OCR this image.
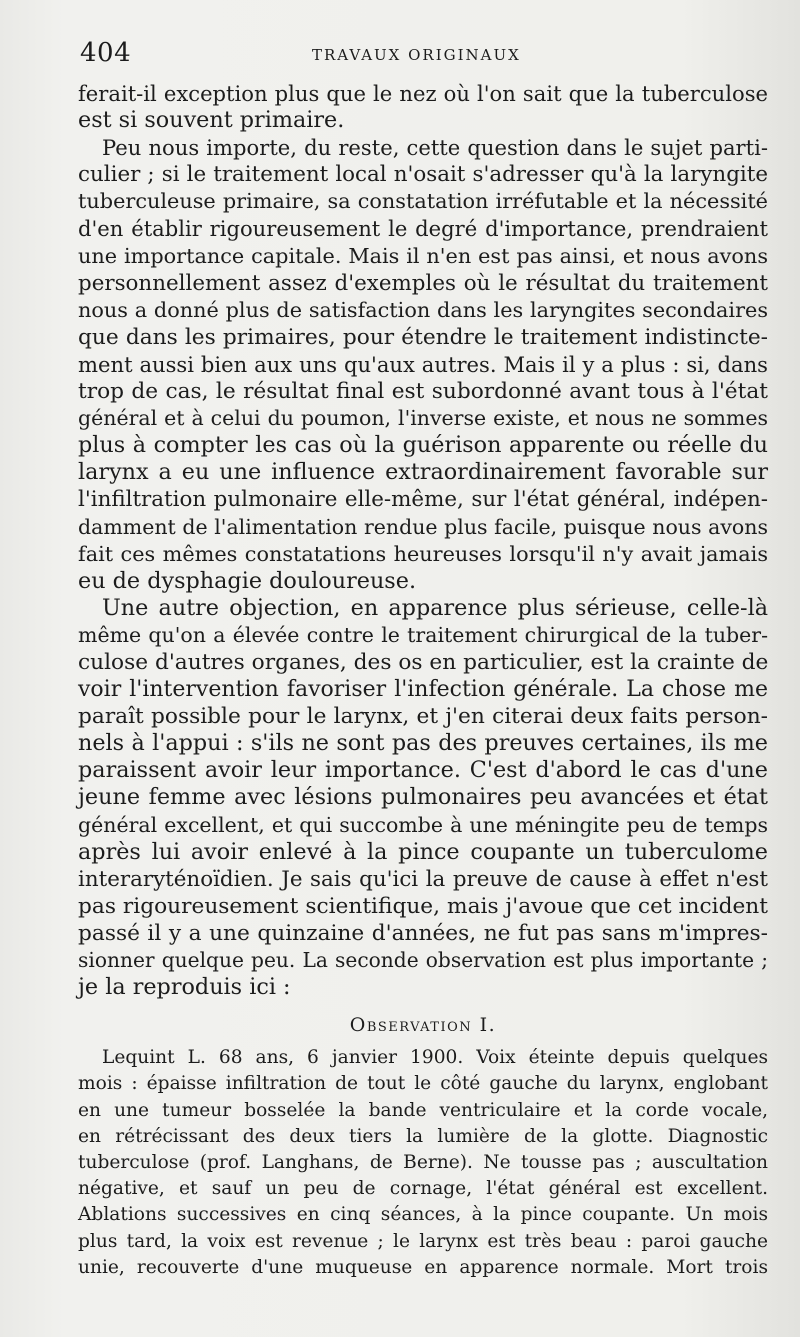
404	TRAVAUX ORIGINAUX
ferait-il exception plus que le nez où l'on sait que la tuberculose
est si souvent primaire.
Peu nous importe, du reste, cette question dans le sujet parti-
culier ; si le traitement local n'osait s'adresser qu'à la laryngite
tuberculeuse primaire, sa constatation irréfutable et la nécessité
d'en établir rigoureusement le degré d'importance, prendraient
une importance capitale. Mais il n'en est pas ainsi, et nous avons
personnellement assez d'exemples où le résultat du traitement
nous a donné plus de satisfaction dans les laryngites secondaires
que dans les primaires, pour étendre le traitement indistincte-
ment aussi bien aux uns qu'aux autres. Mais il y a plus : si, dans
trop de cas, le résultat final est subordonné avant tous à l'état
général et à celui du poumon, l'inverse existe, et nous ne sommes
plus à compter les cas où la guérison apparente ou réelle du
larynx a eu une influence extraordinairement favorable sur
l'infiltration pulmonaire elle-même, sur l'état général, indépen-
damment de l'alimentation rendue plus facile, puisque nous avons
fait ces mêmes constatations heureuses lorsqu'il n'y avait jamais
eu de dysphagie douloureuse.
Une autre objection, en apparence plus sérieuse, celle-là
même qu'on a élevée contre le traitement chirurgical de la tuber-
culose d'autres organes, des os en particulier, est la crainte de
voir l'intervention favoriser l'infection générale. La chose me
paraît possible pour le larynx, et j'en citerai deux faits person-
nels à l'appui : s'ils ne sont pas des preuves certaines, ils me
paraissent avoir leur importance. C'est d'abord le cas d'une
jeune femme avec lésions pulmonaires peu avancées et état
général excellent, et qui succombe à une méningite peu de temps
après lui avoir enlevé à la pince coupante un tuberculome
interaryténoïdien. Je sais qu'ici la preuve de cause à effet n'est
pas rigoureusement scientifique, mais j'avoue que cet incident
passé il y a une quinzaine d'années, ne fut pas sans m'impres-
sionner quelque peu. La seconde observation est plus importante ;
je la reproduis ici :
Observation I.
Lequint L. 68 ans, 6 janvier 1900. Voix éteinte depuis quelques
mois : épaisse infiltration de tout le côté gauche du larynx, englobant
en une tumeur bosselée la bande ventriculaire et la corde vocale,
en rétrécissant des deux tiers la lumière de la glotte. Diagnostic
tuberculose (prof. Langhans, de Berne). Ne tousse pas ; auscultation
négative, et sauf un peu de cornage, l'état général est excellent.
Ablations successives en cinq séances, à la pince coupante. Un mois
plus tard, la voix est revenue ; le larynx est très beau : paroi gauche
unie, recouverte d'une muqueuse en apparence normale. Mort trois
